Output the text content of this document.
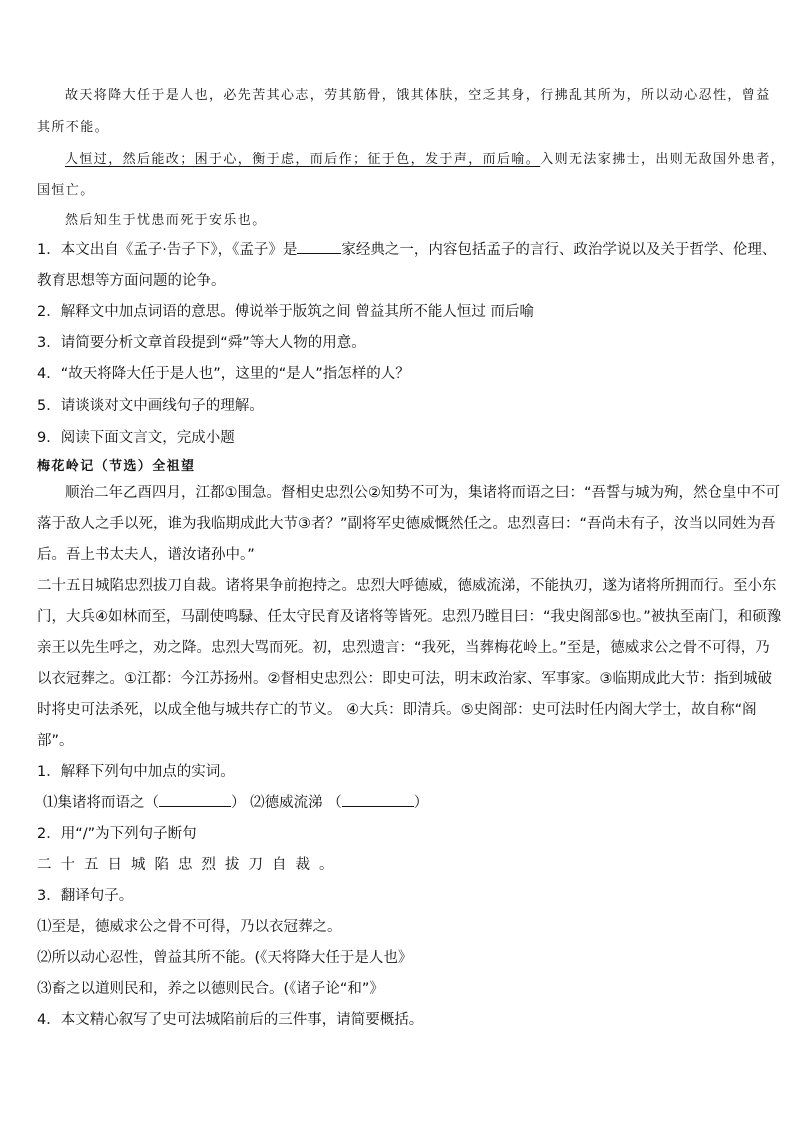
故天将降大任于是人也，必先苦其心志，劳其筋骨，饿其体肤，空乏其身，行拂乱其所为，所以动心忍性，曾益
其所不能。
人恒过，然后能改；困于心，衡于虑，而后作；征于色，发于声，而后喻。入则无法家拂士，出则无敌国外患者，
国恒亡。
然后知生于忧患而死于安乐也。
1．本文出自《孟子·告子下》，《孟子》是	家经典之一，内容包括孟子的言行、政治学说以及关于哲学、伦理、
教育思想等方面问题的论争。
2．解释文中加点词语的意思。傅说举于版筑之间 曾益其所不能人恒过 而后喻
3．请简要分析文章首段提到“舜”等大人物的用意。
4．“故天将降大任于是人也”，这里的“是人”指怎样的人？
5．请谈谈对文中画线句子的理解。
9．阅读下面文言文，完成小题
梅花岭记（节选）全祖望
顺治二年乙酉四月，江都①围急。督相史忠烈公②知势不可为，集诸将而语之曰：“吾誓与城为殉，然仓皇中不可
落于敌人之手以死，谁为我临期成此大节③者？”副将军史德威慨然任之。忠烈喜曰：“吾尚未有子，汝当以同姓为吾
后。吾上书太夫人，谱汝诸孙中。”
二十五日城陷忠烈拔刀自裁。诸将果争前抱持之。忠烈大呼德威，德威流涕，不能执刃，遂为诸将所拥而行。至小东
门，大兵④如林而至，马副使鸣騄、任太守民育及诸将等皆死。忠烈乃瞠目曰：“我史阁部⑤也。”被执至南门，和硕豫
亲王以先生呼之，劝之降。忠烈大骂而死。初，忠烈遗言：“我死，当葬梅花岭上。”至是，德威求公之骨不可得，乃
以衣冠葬之。①江都：今江苏扬州。②督相史忠烈公：即史可法，明末政治家、军事家。③临期成此大节：指到城破
时将史可法杀死，以成全他与城共存亡的节义。 ④大兵：即清兵。⑤史阁部：史可法时任内阁大学士，故自称“阁
部”。
1．解释下列句中加点的实词。
⑴集诸将而语之（	） ⑵德威流涕 （	）
2．用“/”为下列句子断句
二十五日城陷忠烈拔刀自裁。
3．翻译句子。
⑴至是，德威求公之骨不可得，乃以衣冠葬之。
⑵所以动心忍性，曾益其所不能。(《天将降大任于是人也》
⑶畜之以道则民和，养之以德则民合。(《诸子论“和”》
4．本文精心叙写了史可法城陷前后的三件事，请简要概括。
